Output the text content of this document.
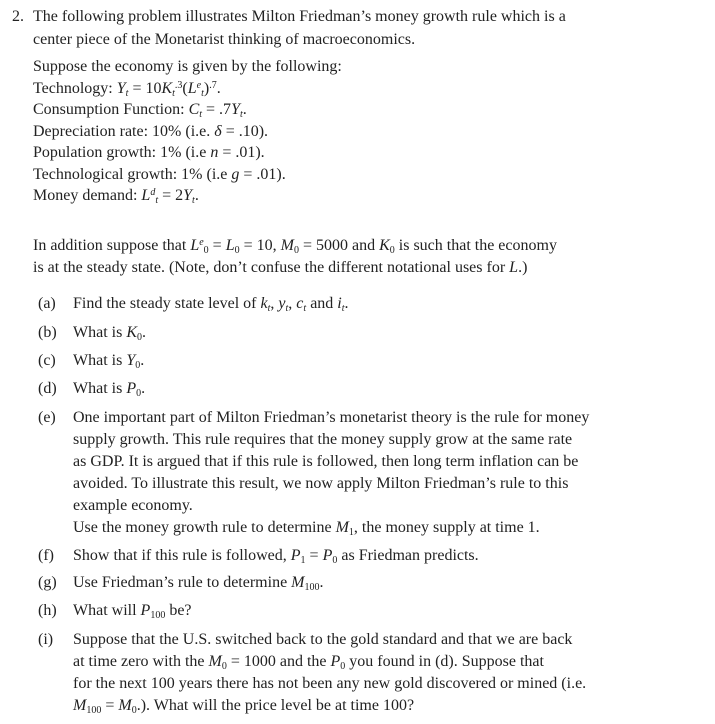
2. The following problem illustrates Milton Friedman’s money growth rule which is a
center piece of the Monetarist thinking of macroeconomics.
Suppose the economy is given by the following:
Technology: $Yt = 10Kt^{.3}(L^et)^{.7}$.
Consumption Function: Ct = .7Yt.
Depreciation rate: 10% (i.e. δ = .10).
Population growth: 1% (i.e n = .01).
Technological growth: 1% (i.e g = .01).
Money demand: $L^dt = 2Yt$.
In addition suppose that $L^e_0 = L_0 = 10$, $M_0 = 5000$ and $K_0$ is such that the economy
is at the steady state. (Note, don’t confuse the different notational uses for L.)
(a) Find the steady state level of kt, yt, ct and it.
(b) What is $K_0$.
(c) What is $Y_0$.
(d) What is $P_0$.
(e) One important part of Milton Friedman’s monetarist theory is the rule for money
supply growth. This rule requires that the money supply grow at the same rate
as GDP. It is argued that if this rule is followed, then long term inflation can be
avoided. To illustrate this result, we now apply Milton Friedman’s rule to this
example economy.
Use the money growth rule to determine $M_1$, the money supply at time 1.
(f) Show that if this rule is followed, $P_1 = P_0$ as Friedman predicts.
(g) Use Friedman’s rule to determine $M_{100}$.
(h) What will $P_{100}$ be?
(i) Suppose that the U.S. switched back to the gold standard and that we are back
at time zero with the $M_0 = 1000$ and the $P_0$ you found in (d). Suppose that
for the next 100 years there has not been any new gold discovered or mined (i.e.
$M_{100} = M_0$.). What will the price level be at time 100?
